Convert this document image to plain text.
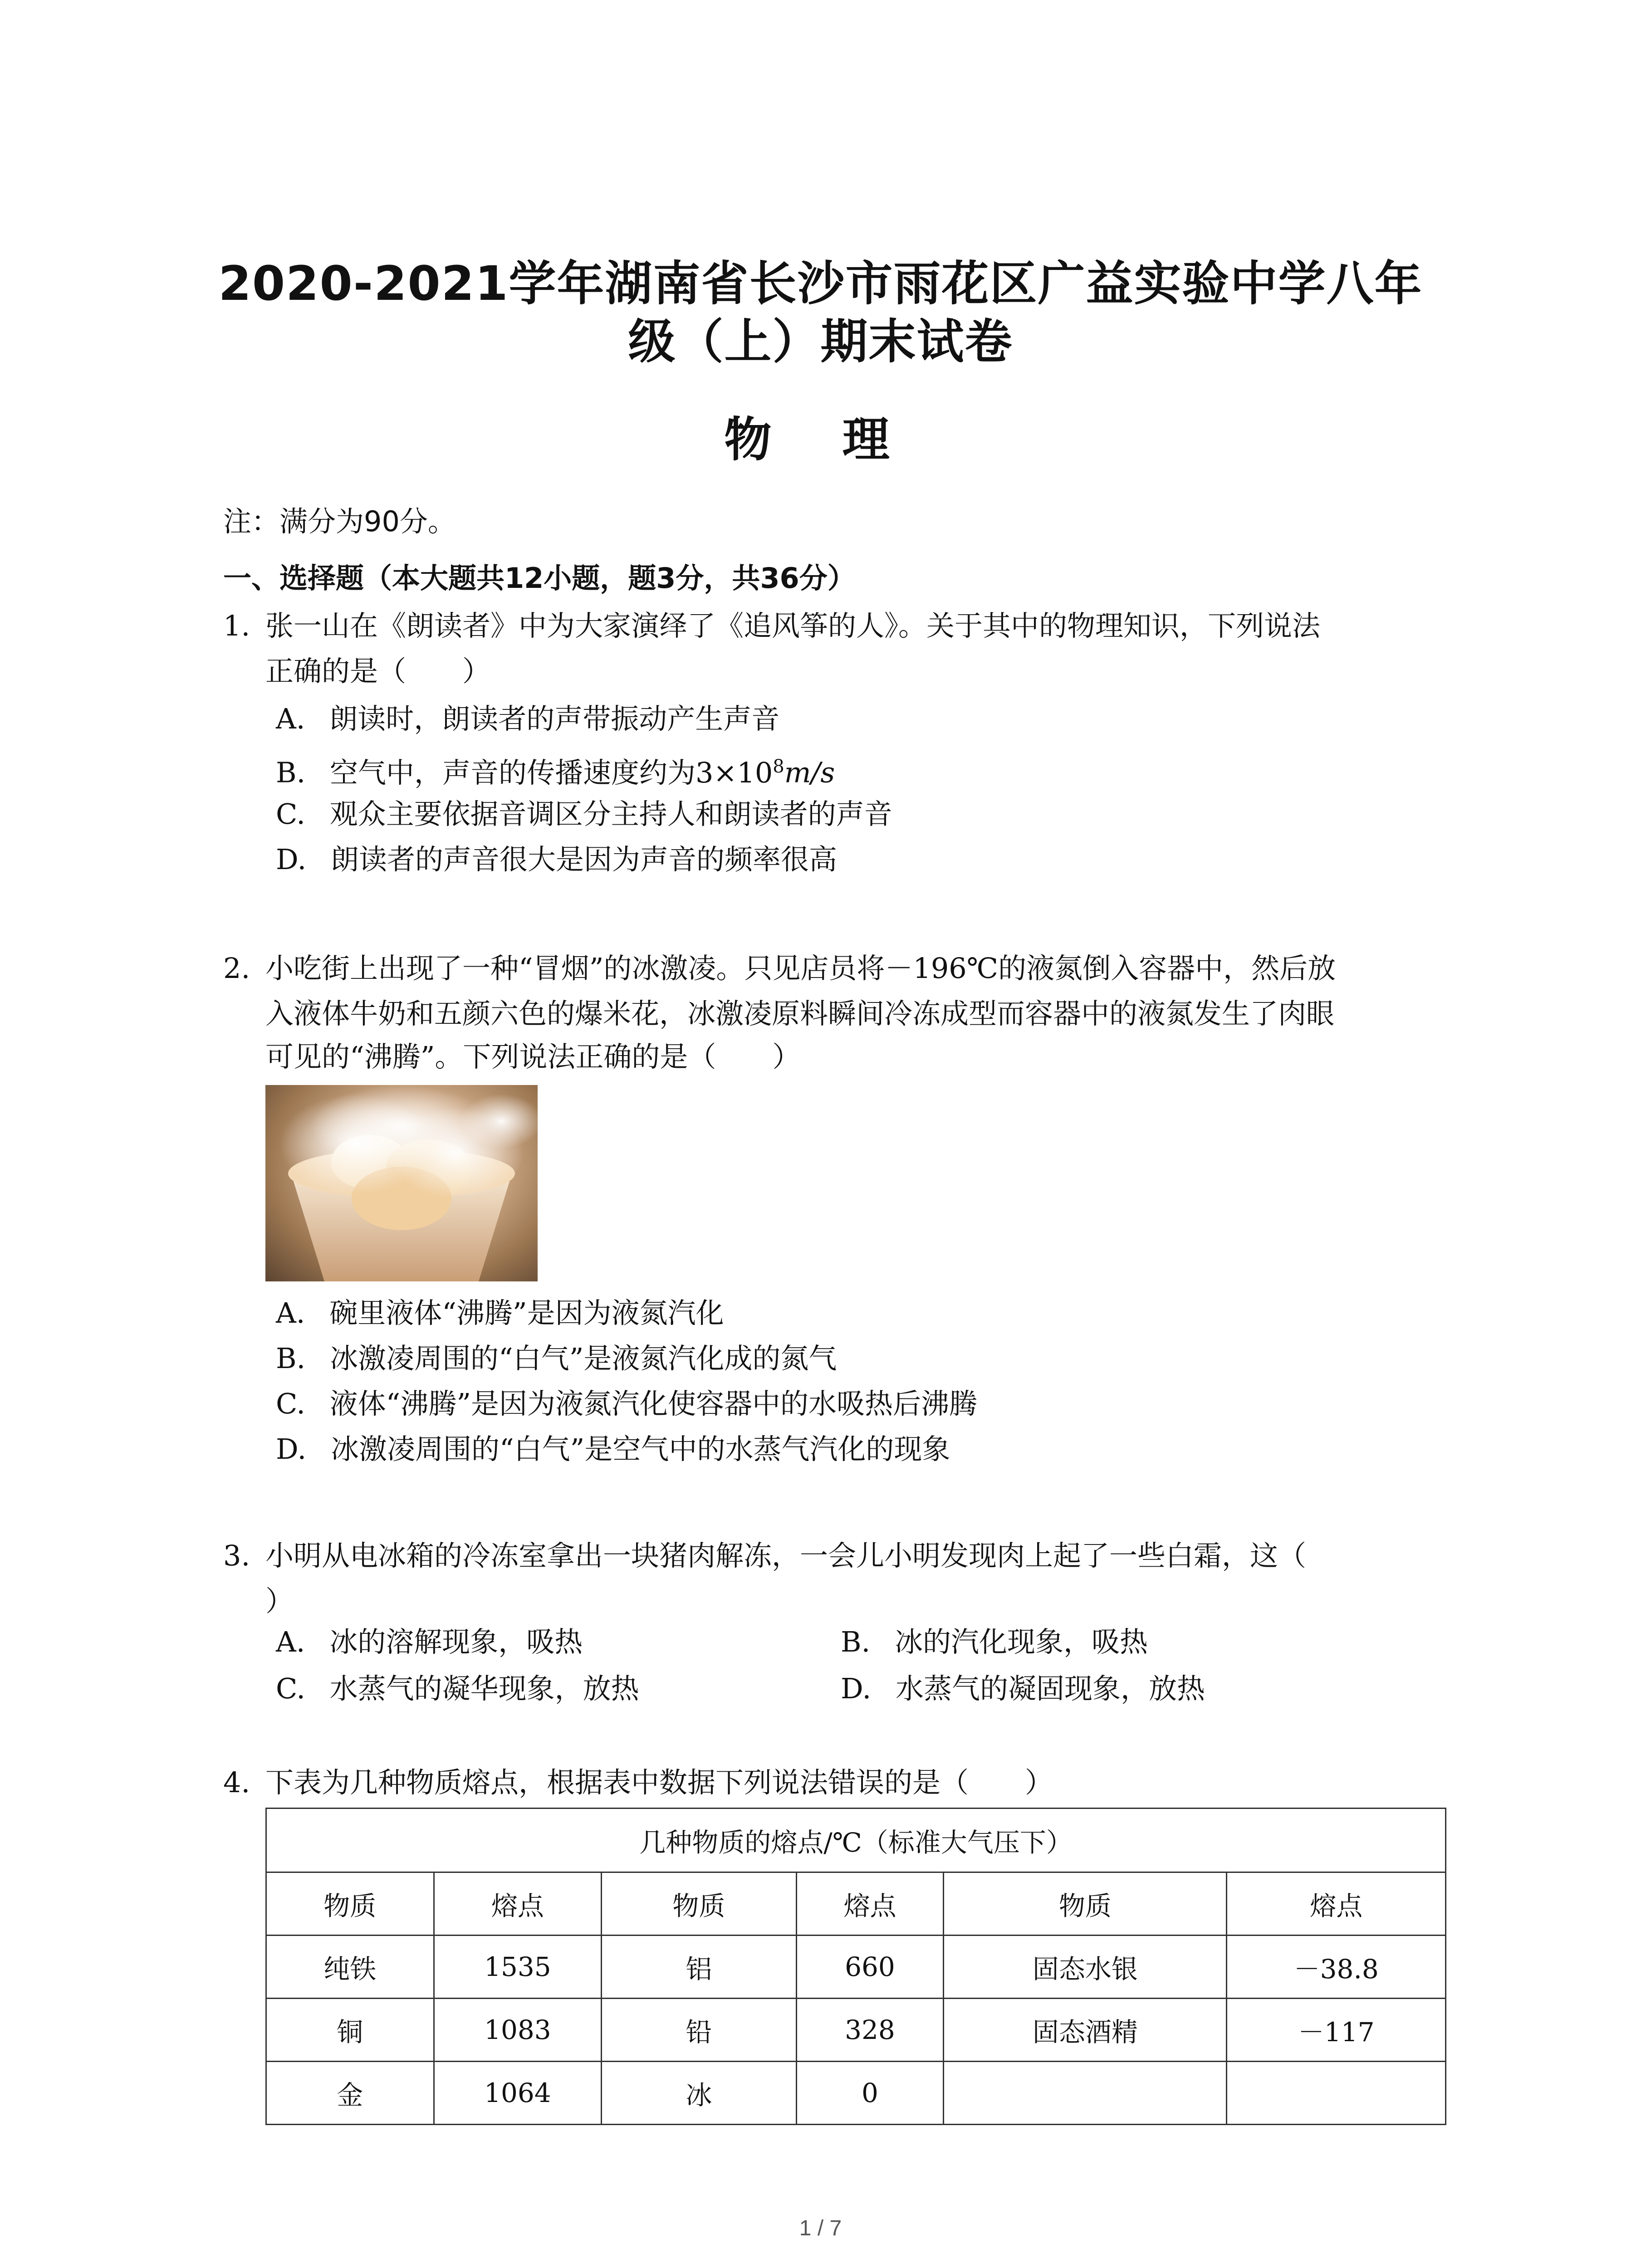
2020-2021学年湖南省长沙市雨花区广益实验中学八年
级（上）期末试卷
物 理
注：满分为90分。
一、选择题（本大题共12小题，题3分，共36分）
1. 张一山在《朗读者》中为大家演绎了《追风筝的人》。关于其中的物理知识，下列说法
正确的是（　　）
A. 朗读时，朗读者的声带振动产生声音
B. 空气中，声音的传播速度约为$3\times 10^8m/s$
C. 观众主要依据音调区分主持人和朗读者的声音
D. 朗读者的声音很大是因为声音的频率很高
2. 小吃街上出现了一种“冒烟”的冰激凌。只见店员将－196℃的液氮倒入容器中，然后放
入液体牛奶和五颜六色的爆米花，冰激凌原料瞬间冷冻成型而容器中的液氮发生了肉眼
可见的“沸腾”。下列说法正确的是（　　）
A. 碗里液体“沸腾”是因为液氮汽化
B. 冰激凌周围的“白气”是液氮汽化成的氮气
C. 液体“沸腾”是因为液氮汽化使容器中的水吸热后沸腾
D. 冰激凌周围的“白气”是空气中的水蒸气汽化的现象
3. 小明从电冰箱的冷冻室拿出一块猪肉解冻，一会儿小明发现肉上起了一些白霜，这（
）
A. 冰的溶解现象，吸热	B. 冰的汽化现象，吸热
C. 水蒸气的凝华现象，放热	D. 水蒸气的凝固现象，放热
4. 下表为几种物质熔点，根据表中数据下列说法错误的是（　　）
几种物质的熔点/℃（标准大气压下）					
物质	熔点	物质	熔点	物质	熔点
纯铁	1535	铝	660	固态水银	－38.8
铜	1083	铅	328	固态酒精	－117
金	1064	冰	0		
1 / 7
